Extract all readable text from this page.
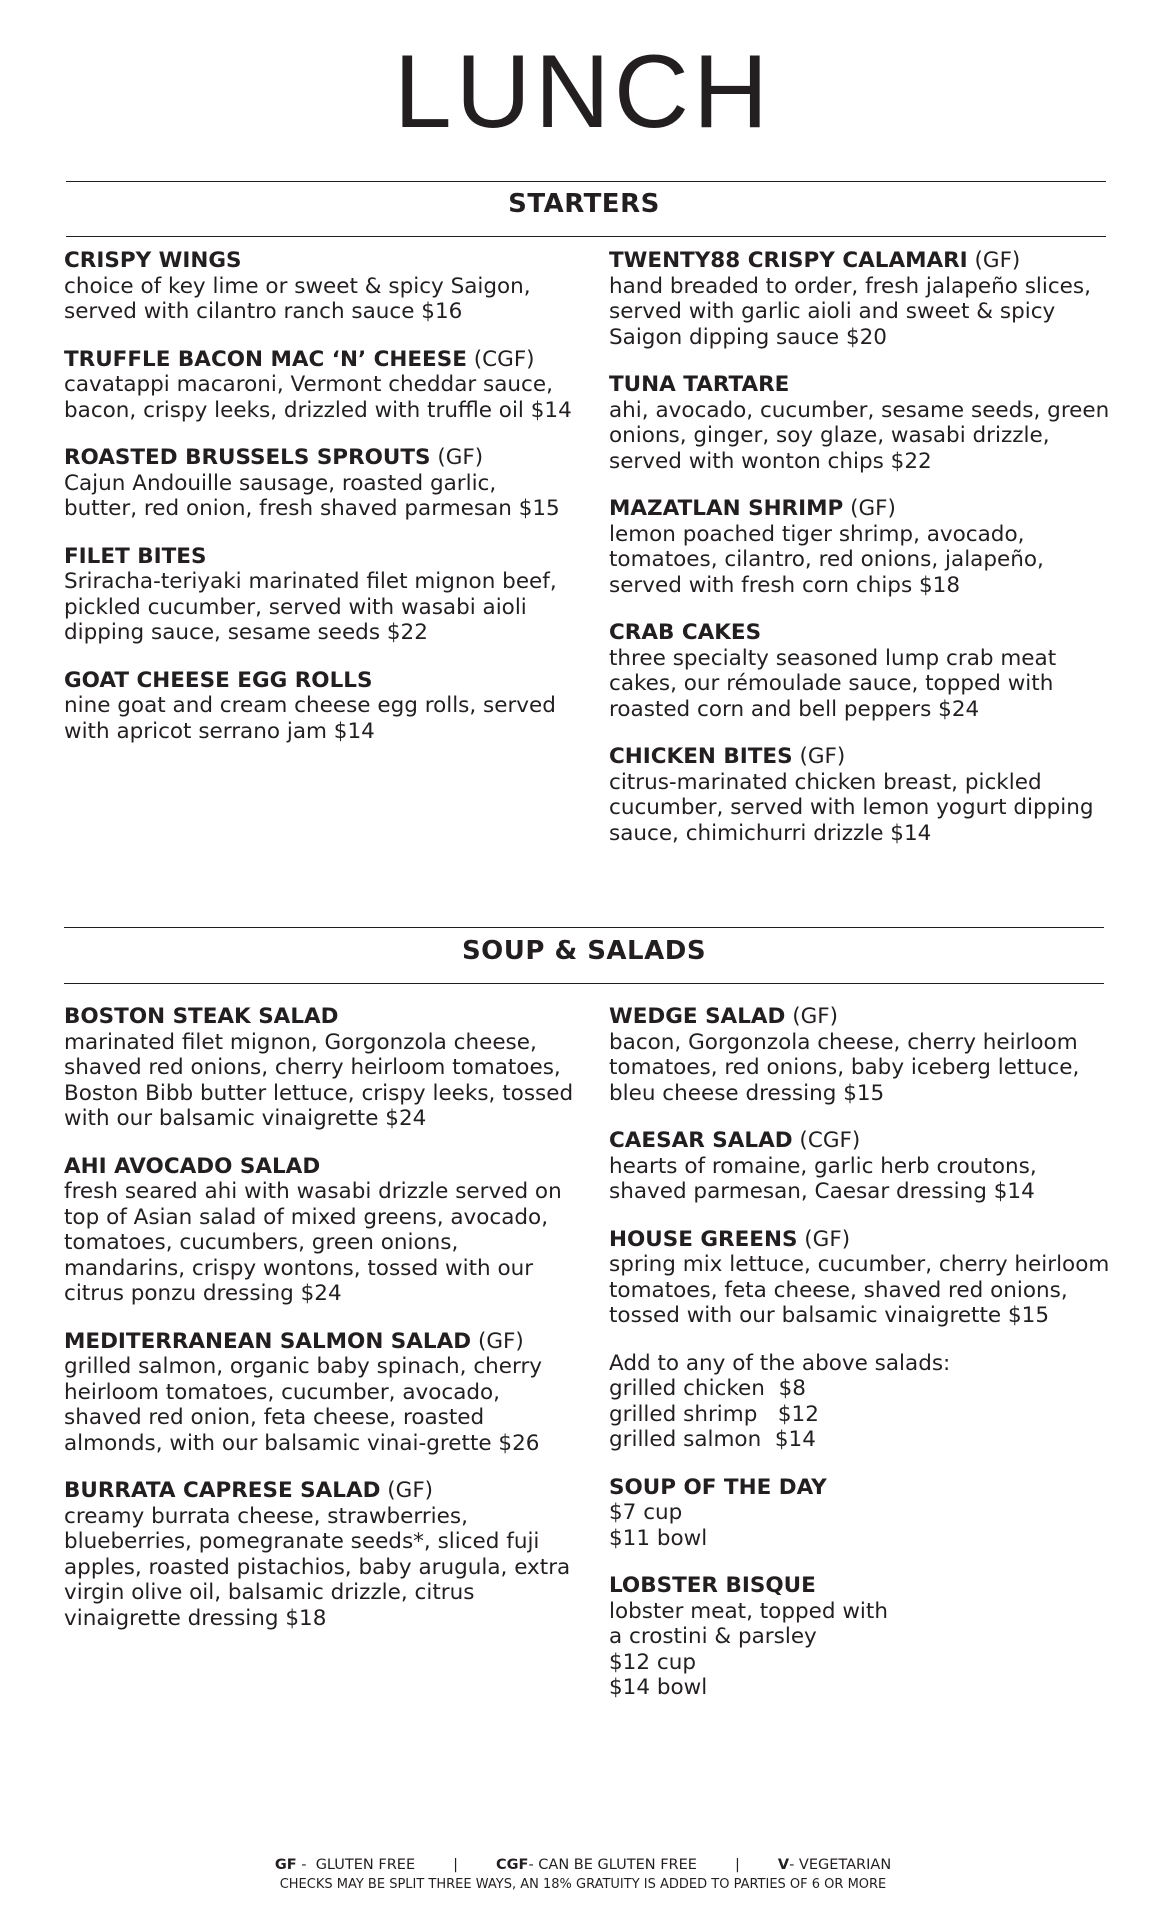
LUNCH
STARTERS
CRISPY WINGS
choice of key lime or sweet & spicy Saigon, served with cilantro ranch sauce $16
TRUFFLE BACON MAC ‘N’ CHEESE (CGF)
cavatappi macaroni, Vermont cheddar sauce, bacon, crispy leeks, drizzled with truffle oil $14
ROASTED BRUSSELS SPROUTS (GF)
Cajun Andouille sausage, roasted garlic, butter, red onion, fresh shaved parmesan $15
FILET BITES
Sriracha-teriyaki marinated filet mignon beef, pickled cucumber, served with wasabi aioli dipping sauce, sesame seeds $22
GOAT CHEESE EGG ROLLS
nine goat and cream cheese egg rolls, served with apricot serrano jam $14
TWENTY88 CRISPY CALAMARI (GF)
hand breaded to order, fresh jalapeño slices, served with garlic aioli and sweet & spicy Saigon dipping sauce $20
TUNA TARTARE
ahi, avocado, cucumber, sesame seeds, green onions, ginger, soy glaze, wasabi drizzle, served with wonton chips $22
MAZATLAN SHRIMP (GF)
lemon poached tiger shrimp, avocado, tomatoes, cilantro, red onions, jalapeño, served with fresh corn chips $18
CRAB CAKES
three specialty seasoned lump crab meat cakes, our rémoulade sauce, topped with roasted corn and bell peppers $24
CHICKEN BITES (GF)
citrus-marinated chicken breast, pickled cucumber, served with lemon yogurt dipping sauce, chimichurri drizzle $14
SOUP & SALADS
BOSTON STEAK SALAD
marinated filet mignon, Gorgonzola cheese, shaved red onions, cherry heirloom tomatoes, Boston Bibb butter lettuce, crispy leeks, tossed with our balsamic vinaigrette $24
AHI AVOCADO SALAD
fresh seared ahi with wasabi drizzle served on top of Asian salad of mixed greens, avocado, tomatoes, cucumbers, green onions, mandarins, crispy wontons, tossed with our citrus ponzu dressing $24
MEDITERRANEAN SALMON SALAD (GF)
grilled salmon, organic baby spinach, cherry heirloom tomatoes, cucumber, avocado, shaved red onion, feta cheese, roasted almonds, with our balsamic vinai-grette $26
BURRATA CAPRESE SALAD (GF)
creamy burrata cheese, strawberries, blueberries, pomegranate seeds*, sliced fuji apples, roasted pistachios, baby arugula, extra virgin olive oil, balsamic drizzle, citrus vinaigrette dressing $18
WEDGE SALAD (GF)
bacon, Gorgonzola cheese, cherry heirloom tomatoes, red onions, baby iceberg lettuce, bleu cheese dressing $15
CAESAR SALAD (CGF)
hearts of romaine, garlic herb croutons, shaved parmesan, Caesar dressing $14
HOUSE GREENS (GF)
spring mix lettuce, cucumber, cherry heirloom tomatoes, feta cheese, shaved red onions, tossed with our balsamic vinaigrette $15
Add to any of the above salads:
grilled chicken  $8
grilled shrimp   $12
grilled salmon  $14
SOUP OF THE DAY
$7 cup
$11 bowl
LOBSTER BISQUE
lobster meat, topped with
a crostini & parsley
$12 cup
$14 bowl
GF -  GLUTEN FREE	|	CGF- CAN BE GLUTEN FREE	|	V- VEGETARIAN
CHECKS MAY BE SPLIT THREE WAYS, AN 18% GRATUITY IS ADDED TO PARTIES OF 6 OR MORE
